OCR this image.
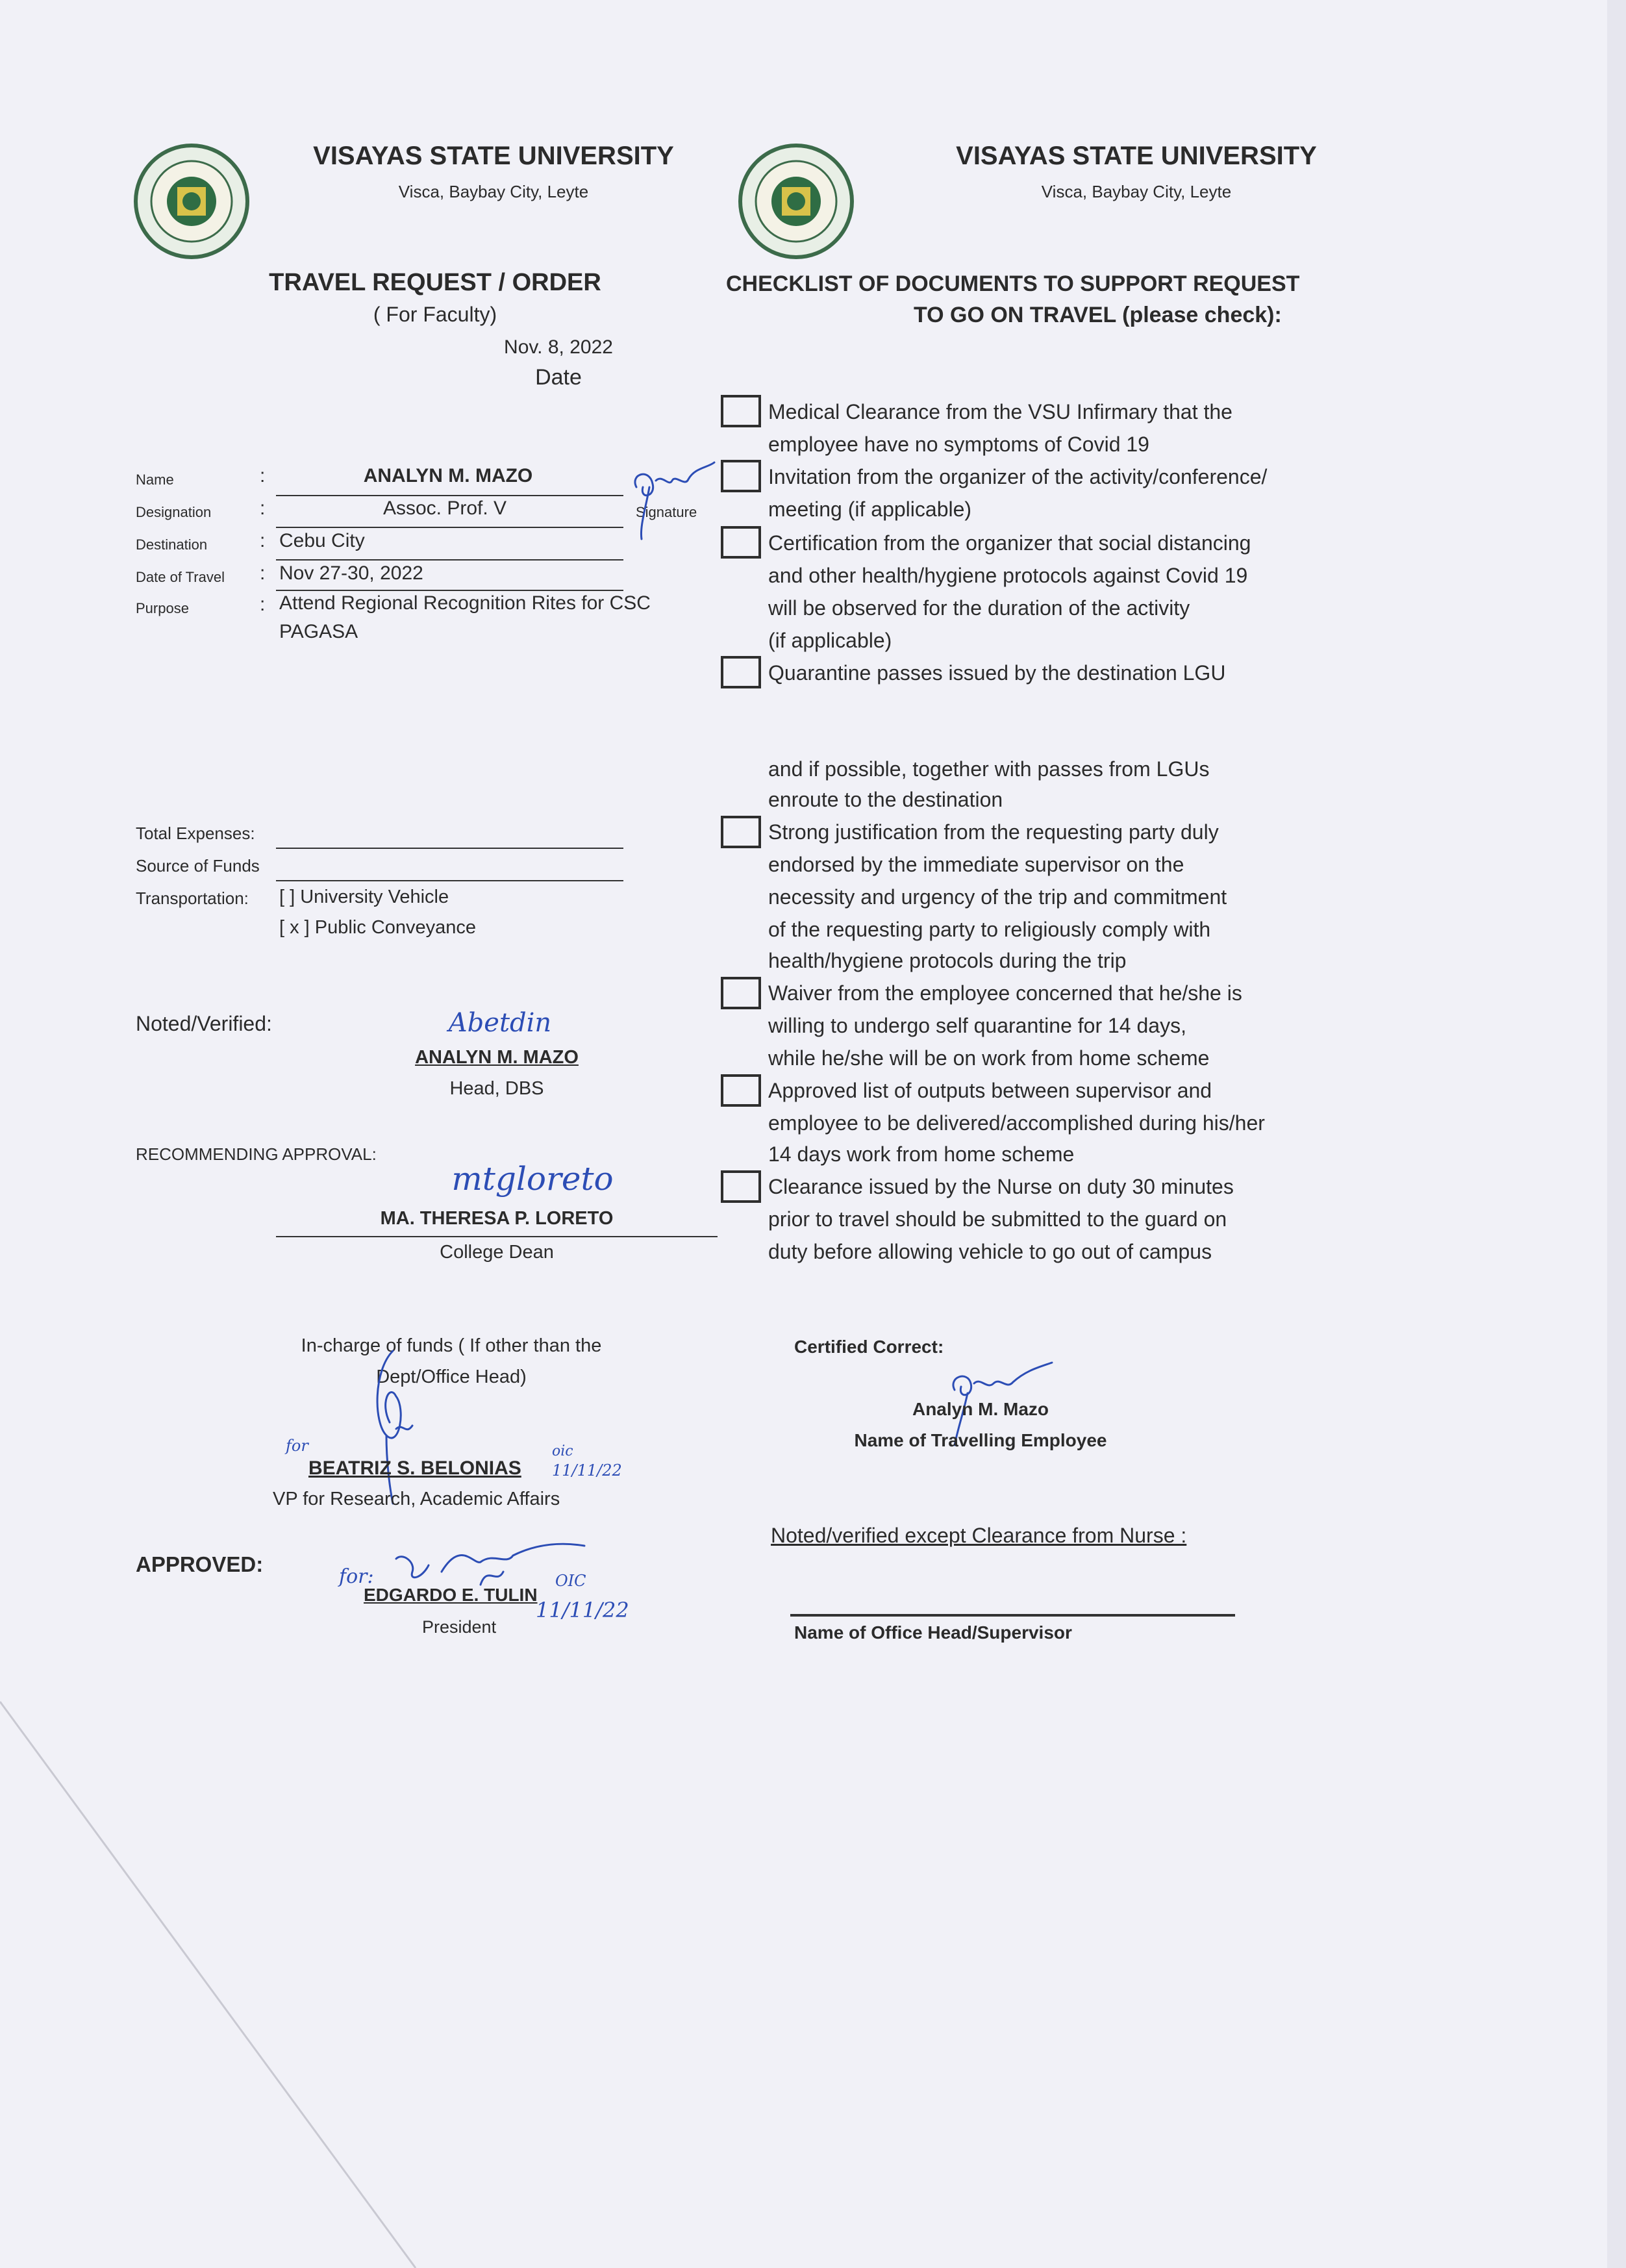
VISAYAS STATE UNIVERSITY
Visca, Baybay City, Leyte
TRAVEL REQUEST / ORDER
( For Faculty)
Nov. 8, 2022
Date
Name	:	ANALYN M. MAZO
Signature
Designation :	Assoc. Prof. V
Destination	: Cebu City
Date of Travel : Nov 27-30, 2022
Purpose	: Attend Regional Recognition Rites for CSC
PAGASA
Total Expenses:
Source of Funds
Transportation: [ ] University Vehicle
[ x ] Public Conveyance
Noted/Verified:	Abetdin
ANALYN M. MAZO
Head, DBS
RECOMMENDING APPROVAL:
mtgloreto
MA. THERESA P. LORETO
College Dean
In-charge of funds ( If other than the
Dept/Office Head)
for
BEATRIZ S. BELONIAS
oic
11/11/22
VP for Research, Academic Affairs
APPROVED:
for:
EDGARDO E. TULIN
OIC
11/11/22
President
VISAYAS STATE UNIVERSITY
Visca, Baybay City, Leyte
CHECKLIST OF DOCUMENTS TO SUPPORT REQUEST
TO GO ON TRAVEL (please check):
Medical Clearance from the VSU Infirmary that the
employee have no symptoms of Covid 19
Invitation from the organizer of the activity/conference/
meeting (if applicable)
Certification from the organizer that social distancing
and other health/hygiene protocols against Covid 19
will be observed for the duration of the activity
(if applicable)
Quarantine passes issued by the destination LGU
and if possible, together with passes from LGUs
enroute to the destination
Strong justification from the requesting party duly
endorsed by the immediate supervisor on the
necessity and urgency of the trip and commitment
of the requesting party to religiously comply with
health/hygiene protocols during the trip
Waiver from the employee concerned that he/she is
willing to undergo self quarantine for 14 days,
while he/she will be on work from home scheme
Approved list of outputs between supervisor and
employee to be delivered/accomplished during his/her
14 days work from home scheme
Clearance issued by the Nurse on duty 30 minutes
prior to travel should be submitted to the guard on
duty before allowing vehicle to go out of campus
Certified Correct:
Analyn M. Mazo
Name of Travelling Employee
Noted/verified except Clearance from Nurse :
Name of Office Head/Supervisor
